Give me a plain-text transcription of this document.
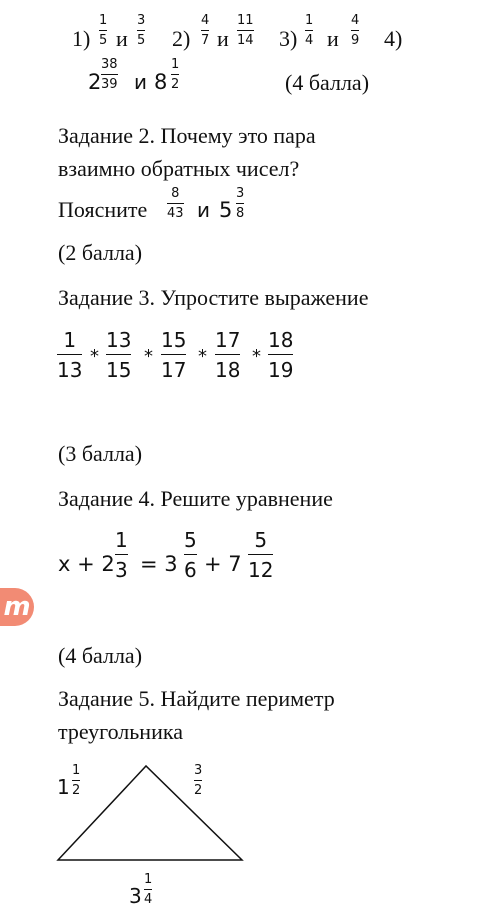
1)
1
5 и
3
5 2)
4
7 и
11
14 3)
1
4 и
4
9 4)
2
38
39 и 8
1
2	(4 балла)
Задание 2. Почему это пара
взаимно обратных чисел?
Поясните
8
43 и 5
3
8
(2 балла)
Задание 3. Упростите выражение
1
13
*
13
15
*
15
17
*
17
18
*
18
19
(3 балла)
Задание 4. Решите уравнение
x + 2
1
3 = 3
5
6 + 7
5
12
(4 балла)
Задание 5. Найдите периметр
треугольника
1
1
2
3
2
3
1
4
m
